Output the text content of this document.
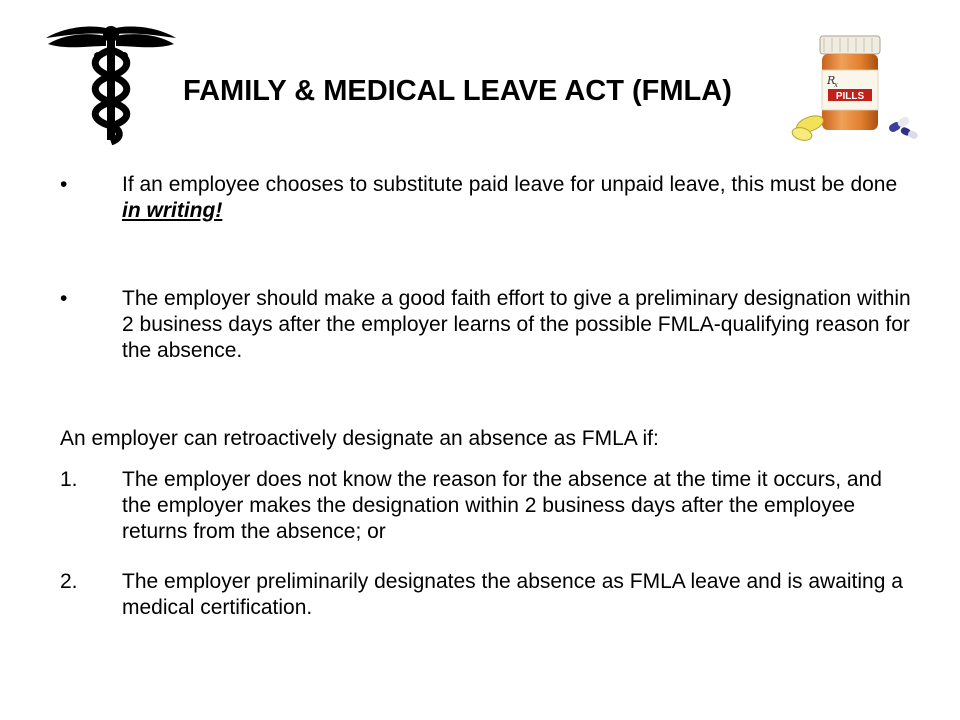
FAMILY & MEDICAL LEAVE ACT (FMLA)	R
x
PILLS
•	If an employee chooses to substitute paid leave for unpaid leave, this must be done in writing!
•	The employer should make a good faith effort to give a preliminary designation within 2 business days after the employer learns of the possible FMLA-qualifying reason for the absence.
An employer can retroactively designate an absence as FMLA if:
1.	The employer does not know the reason for the absence at the time it occurs, and the employer makes the designation within 2 business days after the employee returns from the absence; or
2.	The employer preliminarily designates the absence as FMLA leave and is awaiting a medical certification.
